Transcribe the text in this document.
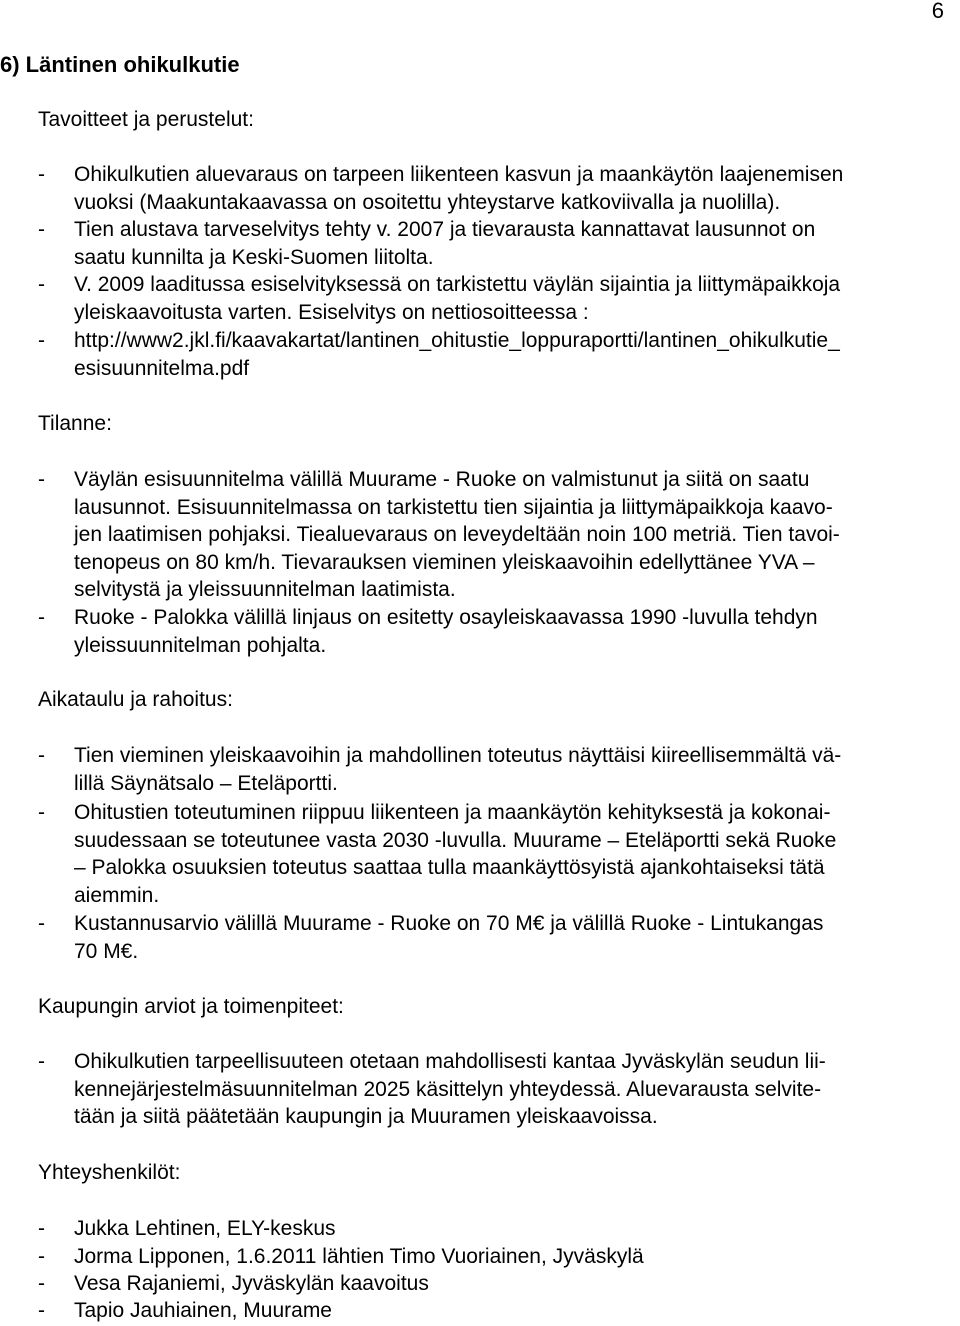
6
6) Läntinen ohikulkutie
Tavoitteet ja perustelut:
-	Ohikulkutien aluevaraus on tarpeen liikenteen kasvun ja maankäytön laajenemisen
vuoksi (Maakuntakaavassa on osoitettu yhteystarve katkoviivalla ja nuolilla).
-	Tien alustava tarveselvitys tehty v. 2007 ja tievarausta kannattavat lausunnot on
saatu kunnilta ja Keski-Suomen liitolta.
-	V. 2009 laaditussa esiselvityksessä on tarkistettu väylän sijaintia ja liittymäpaikkoja
yleiskaavoitusta varten. Esiselvitys on nettiosoitteessa :
-	http://www2.jkl.fi/kaavakartat/lantinen_ohitustie_loppuraportti/lantinen_ohikulkutie_
esisuunnitelma.pdf
Tilanne:
-	Väylän esisuunnitelma välillä Muurame - Ruoke on valmistunut ja siitä on saatu
lausunnot. Esisuunnitelmassa on tarkistettu tien sijaintia ja liittymäpaikkoja kaavo-
jen laatimisen pohjaksi. Tiealuevaraus on leveydeltään noin 100 metriä. Tien tavoi-
tenopeus on 80 km/h. Tievarauksen vieminen yleiskaavoihin edellyttänee YVA –
selvitystä ja yleissuunnitelman laatimista.
-	Ruoke - Palokka välillä linjaus on esitetty osayleiskaavassa 1990 -luvulla tehdyn
yleissuunnitelman pohjalta.
Aikataulu ja rahoitus:
-	Tien vieminen yleiskaavoihin ja mahdollinen toteutus näyttäisi kiireellisemmältä vä-
lillä Säynätsalo – Eteläportti.
-	Ohitustien toteutuminen riippuu liikenteen ja maankäytön kehityksestä ja kokonai-
suudessaan se toteutunee vasta 2030 -luvulla. Muurame – Eteläportti sekä Ruoke
– Palokka osuuksien toteutus saattaa tulla maankäyttösyistä ajankohtaiseksi tätä
aiemmin.
-	Kustannusarvio välillä Muurame - Ruoke on 70 M€ ja välillä Ruoke - Lintukangas
70 M€.
Kaupungin arviot ja toimenpiteet:
-	Ohikulkutien tarpeellisuuteen otetaan mahdollisesti kantaa Jyväskylän seudun lii-
kennejärjestelmäsuunnitelman 2025 käsittelyn yhteydessä. Aluevarausta selvite-
tään ja siitä päätetään kaupungin ja Muuramen yleiskaavoissa.
Yhteyshenkilöt:
-	Jukka Lehtinen, ELY-keskus
-	Jorma Lipponen, 1.6.2011 lähtien Timo Vuoriainen, Jyväskylä
-	Vesa Rajaniemi, Jyväskylän kaavoitus
-	Tapio Jauhiainen, Muurame
